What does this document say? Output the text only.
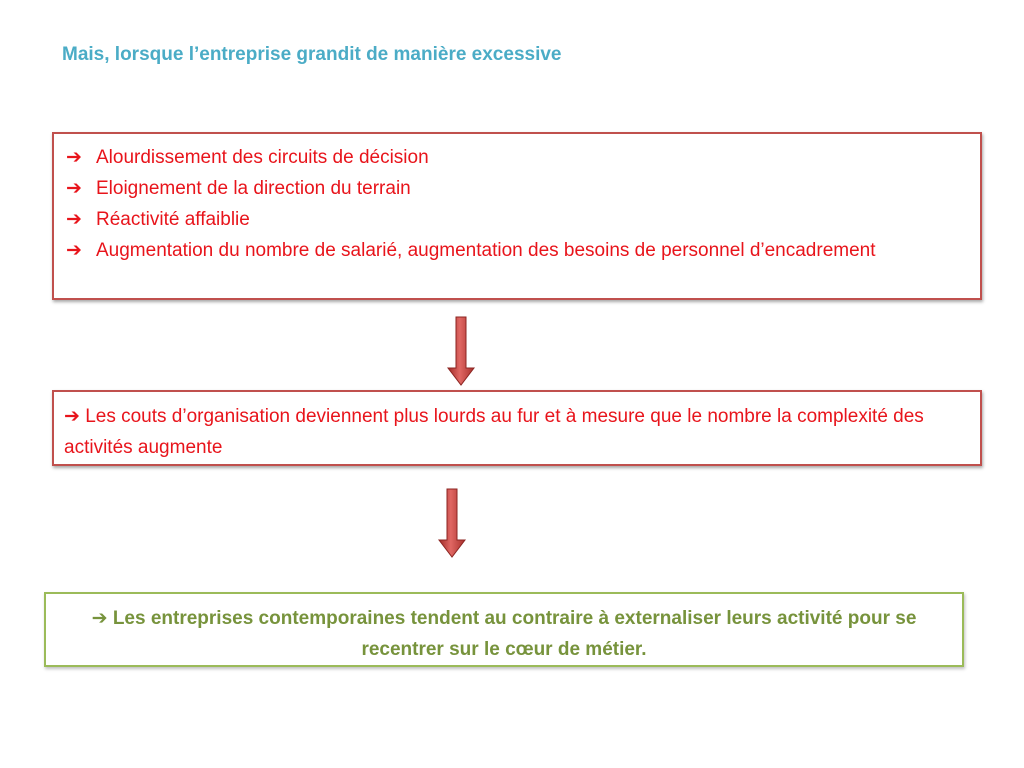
Mais, lorsque l’entreprise grandit de manière excessive
➔ Alourdissement des circuits de décision
➔ Eloignement de la direction du terrain
➔ Réactivité affaiblie
➔ Augmentation du nombre de salarié, augmentation des besoins de personnel d’encadrement
➔ Les couts d’organisation deviennent plus lourds au fur et à mesure que le nombre la complexité des activités augmente
➔ Les entreprises contemporaines tendent au contraire à externaliser leurs activité pour se recentrer sur le cœur de métier.
